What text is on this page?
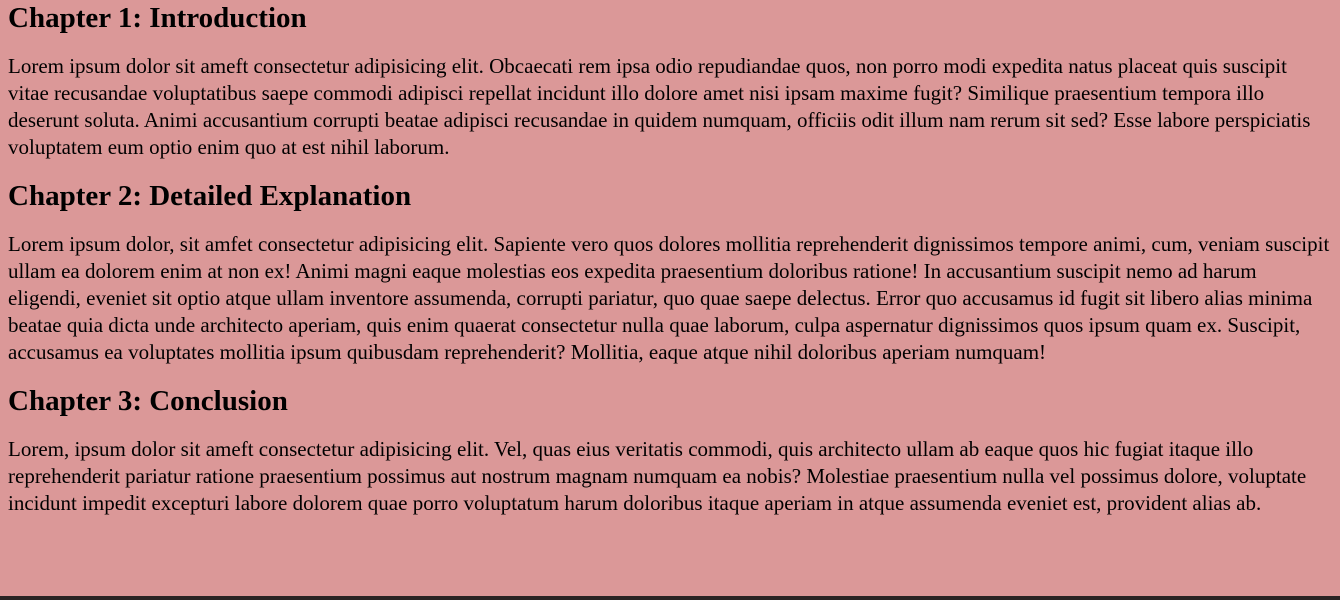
Chapter 1: Introduction

Lorem ipsum dolor sit ameft consectetur adipisicing elit. Obcaecati rem ipsa odio repudiandae quos, non porro modi expedita natus placeat quis suscipit vitae recusandae voluptatibus saepe commodi adipisci repellat incidunt illo dolore amet nisi ipsam maxime fugit? Similique praesentium tempora illo deserunt soluta. Animi accusantium corrupti beatae adipisci recusandae in quidem numquam, officiis odit illum nam rerum sit sed? Esse labore perspiciatis voluptatem eum optio enim quo at est nihil laborum.

Chapter 2: Detailed Explanation

Lorem ipsum dolor, sit amfet consectetur adipisicing elit. Sapiente vero quos dolores mollitia reprehenderit dignissimos tempore animi, cum, veniam suscipit ullam ea dolorem enim at non ex! Animi magni eaque molestias eos expedita praesentium doloribus ratione! In accusantium suscipit nemo ad harum eligendi, eveniet sit optio atque ullam inventore assumenda, corrupti pariatur, quo quae saepe delectus. Error quo accusamus id fugit sit libero alias minima beatae quia dicta unde architecto aperiam, quis enim quaerat consectetur nulla quae laborum, culpa aspernatur dignissimos quos ipsum quam ex. Suscipit, accusamus ea voluptates mollitia ipsum quibusdam reprehenderit? Mollitia, eaque atque nihil doloribus aperiam numquam!

Chapter 3: Conclusion

Lorem, ipsum dolor sit ameft consectetur adipisicing elit. Vel, quas eius veritatis commodi, quis architecto ullam ab eaque quos hic fugiat itaque illo reprehenderit pariatur ratione praesentium possimus aut nostrum magnam numquam ea nobis? Molestiae praesentium nulla vel possimus dolore, voluptate incidunt impedit excepturi labore dolorem quae porro voluptatum harum doloribus itaque aperiam in atque assumenda eveniet est, provident alias ab.
